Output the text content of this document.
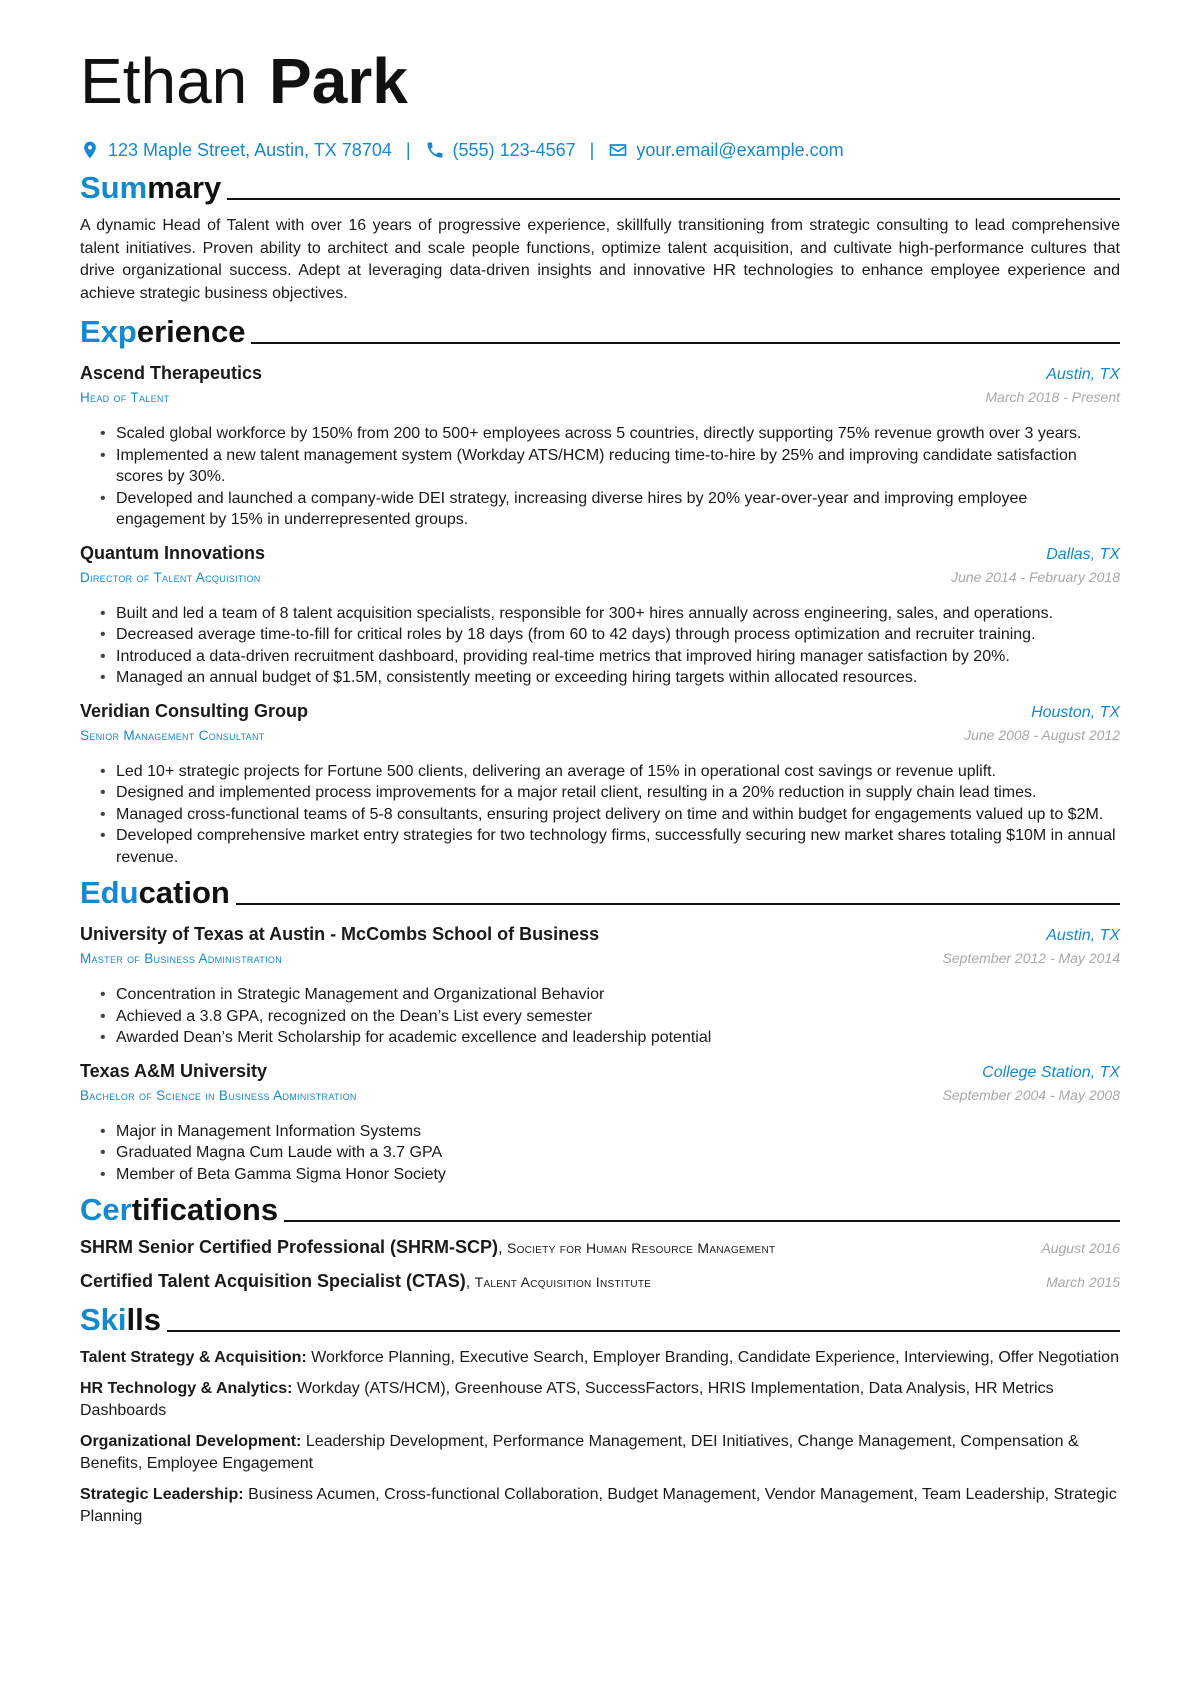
Ethan Park
123 Maple Street, Austin, TX 78704 | (555) 123-4567 | your.email@example.com
Summary

A dynamic Head of Talent with over 16 years of progressive experience, skillfully transitioning from strategic consulting to lead comprehensive talent initiatives. Proven ability to architect and scale people functions, optimize talent acquisition, and cultivate high-performance cultures that drive organizational success. Adept at leveraging data-driven insights and innovative HR technologies to enhance employee experience and achieve strategic business objectives.

Experience
Ascend Therapeutics	Austin, TX
Head of Talent	March 2018 - Present
• Scaled global workforce by 150% from 200 to 500+ employees across 5 countries, directly supporting 75% revenue growth over 3 years.
• Implemented a new talent management system (Workday ATS/HCM) reducing time-to-hire by 25% and improving candidate satisfaction scores by 30%.
• Developed and launched a company-wide DEI strategy, increasing diverse hires by 20% year-over-year and improving employee engagement by 15% in underrepresented groups.
Quantum Innovations	Dallas, TX
Director of Talent Acquisition	June 2014 - February 2018
• Built and led a team of 8 talent acquisition specialists, responsible for 300+ hires annually across engineering, sales, and operations.
• Decreased average time-to-fill for critical roles by 18 days (from 60 to 42 days) through process optimization and recruiter training.
• Introduced a data-driven recruitment dashboard, providing real-time metrics that improved hiring manager satisfaction by 20%.
• Managed an annual budget of $1.5M, consistently meeting or exceeding hiring targets within allocated resources.
Veridian Consulting Group	Houston, TX
Senior Management Consultant	June 2008 - August 2012
• Led 10+ strategic projects for Fortune 500 clients, delivering an average of 15% in operational cost savings or revenue uplift.
• Designed and implemented process improvements for a major retail client, resulting in a 20% reduction in supply chain lead times.
• Managed cross-functional teams of 5-8 consultants, ensuring project delivery on time and within budget for engagements valued up to $2M.
• Developed comprehensive market entry strategies for two technology firms, successfully securing new market shares totaling $10M in annual revenue.
Education
University of Texas at Austin - McCombs School of Business	Austin, TX
Master of Business Administration	September 2012 - May 2014
• Concentration in Strategic Management and Organizational Behavior
• Achieved a 3.8 GPA, recognized on the Dean’s List every semester
• Awarded Dean’s Merit Scholarship for academic excellence and leadership potential
Texas A&M University	College Station, TX
Bachelor of Science in Business Administration	September 2004 - May 2008
• Major in Management Information Systems
• Graduated Magna Cum Laude with a 3.7 GPA
• Member of Beta Gamma Sigma Honor Society
Certifications
SHRM Senior Certified Professional (SHRM-SCP), Society for Human Resource Management	August 2016
Certified Talent Acquisition Specialist (CTAS), Talent Acquisition Institute	March 2015
Skills
Talent Strategy & Acquisition: Workforce Planning, Executive Search, Employer Branding, Candidate Experience, Interviewing, Offer Negotiation
HR Technology & Analytics: Workday (ATS/HCM), Greenhouse ATS, SuccessFactors, HRIS Implementation, Data Analysis, HR Metrics Dashboards
Organizational Development: Leadership Development, Performance Management, DEI Initiatives, Change Management, Compensation & Benefits, Employee Engagement
Strategic Leadership: Business Acumen, Cross-functional Collaboration, Budget Management, Vendor Management, Team Leadership, Strategic Planning
